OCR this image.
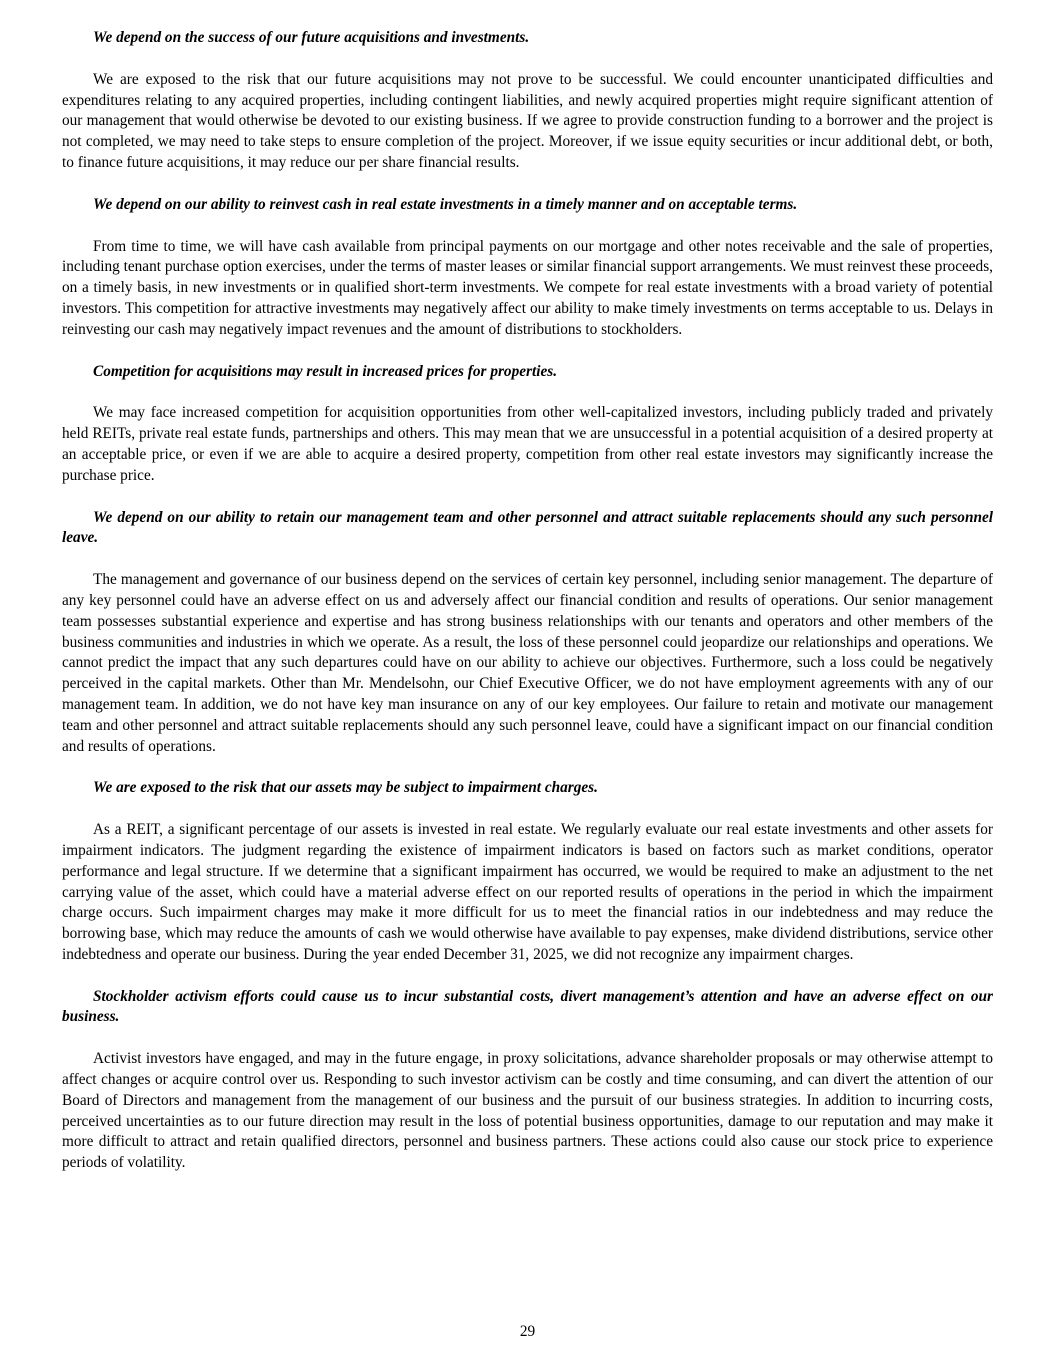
We depend on the success of our future acquisitions and investments.

We are exposed to the risk that our future acquisitions may not prove to be successful. We could encounter unanticipated difficulties and expenditures relating to any acquired properties, including contingent liabilities, and newly acquired properties might require significant attention of our management that would otherwise be devoted to our existing business. If we agree to provide construction funding to a borrower and the project is not completed, we may need to take steps to ensure completion of the project. Moreover, if we issue equity securities or incur additional debt, or both, to finance future acquisitions, it may reduce our per share financial results.

We depend on our ability to reinvest cash in real estate investments in a timely manner and on acceptable terms.

From time to time, we will have cash available from principal payments on our mortgage and other notes receivable and the sale of properties, including tenant purchase option exercises, under the terms of master leases or similar financial support arrangements. We must reinvest these proceeds, on a timely basis, in new investments or in qualified short-term investments. We compete for real estate investments with a broad variety of potential investors. This competition for attractive investments may negatively affect our ability to make timely investments on terms acceptable to us. Delays in reinvesting our cash may negatively impact revenues and the amount of distributions to stockholders.

Competition for acquisitions may result in increased prices for properties.

We may face increased competition for acquisition opportunities from other well-capitalized investors, including publicly traded and privately held REITs, private real estate funds, partnerships and others. This may mean that we are unsuccessful in a potential acquisition of a desired property at an acceptable price, or even if we are able to acquire a desired property, competition from other real estate investors may significantly increase the purchase price.

We depend on our ability to retain our management team and other personnel and attract suitable replacements should any such personnel leave.

The management and governance of our business depend on the services of certain key personnel, including senior management. The departure of any key personnel could have an adverse effect on us and adversely affect our financial condition and results of operations. Our senior management team possesses substantial experience and expertise and has strong business relationships with our tenants and operators and other members of the business communities and industries in which we operate. As a result, the loss of these personnel could jeopardize our relationships and operations. We cannot predict the impact that any such departures could have on our ability to achieve our objectives. Furthermore, such a loss could be negatively perceived in the capital markets. Other than Mr. Mendelsohn, our Chief Executive Officer, we do not have employment agreements with any of our management team. In addition, we do not have key man insurance on any of our key employees. Our failure to retain and motivate our management team and other personnel and attract suitable replacements should any such personnel leave, could have a significant impact on our financial condition and results of operations.

We are exposed to the risk that our assets may be subject to impairment charges.

As a REIT, a significant percentage of our assets is invested in real estate. We regularly evaluate our real estate investments and other assets for impairment indicators. The judgment regarding the existence of impairment indicators is based on factors such as market conditions, operator performance and legal structure. If we determine that a significant impairment has occurred, we would be required to make an adjustment to the net carrying value of the asset, which could have a material adverse effect on our reported results of operations in the period in which the impairment charge occurs. Such impairment charges may make it more difficult for us to meet the financial ratios in our indebtedness and may reduce the borrowing base, which may reduce the amounts of cash we would otherwise have available to pay expenses, make dividend distributions, service other indebtedness and operate our business. During the year ended December 31, 2025, we did not recognize any impairment charges.

Stockholder activism efforts could cause us to incur substantial costs, divert management’s attention and have an adverse effect on our business.

Activist investors have engaged, and may in the future engage, in proxy solicitations, advance shareholder proposals or may otherwise attempt to affect changes or acquire control over us. Responding to such investor activism can be costly and time consuming, and can divert the attention of our Board of Directors and management from the management of our business and the pursuit of our business strategies. In addition to incurring costs, perceived uncertainties as to our future direction may result in the loss of potential business opportunities, damage to our reputation and may make it more difficult to attract and retain qualified directors, personnel and business partners. These actions could also cause our stock price to experience periods of volatility.

29
